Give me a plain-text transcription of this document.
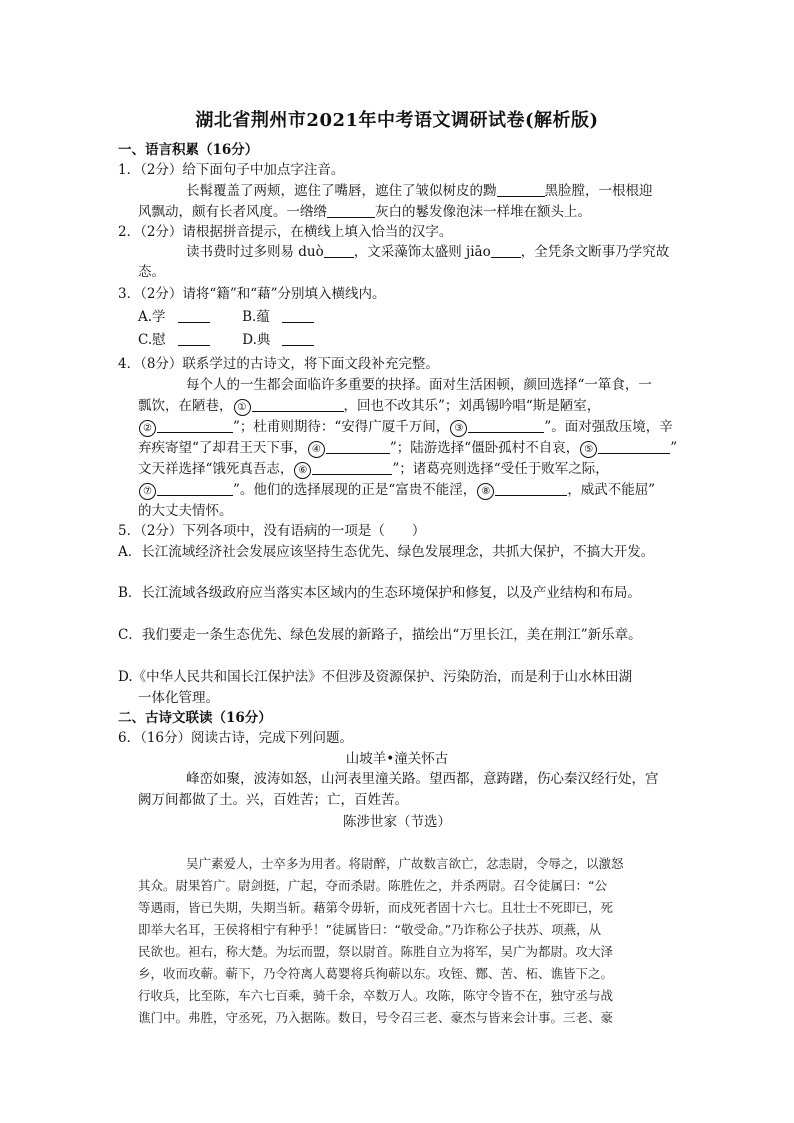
湖北省荆州市2021年中考语文调研试卷(解析版)
一、语言积累（16分）
1．（2分）给下面句子中加点字注音。
长髯覆盖了两颊，遮住了嘴唇，遮住了皱似树皮的黝	黑脸膛，一根根迎
风飘动，颇有长者风度。一绺绺	灰白的鬈发像泡沫一样堆在额头上。
2．（2分）请根据拼音提示，在横线上填入恰当的汉字。
读书费时过多则易 duò ，文采藻饰太盛则 jiāo ，全凭条文断事乃学究故
态。
3．（2分）请将“籍”和“藉”分别填入横线内。
A.学	B.蕴
C.慰	D.典
4．（8分）联系学过的古诗文，将下面文段补充完整。
每个人的一生都会面临许多重要的抉择。面对生活困顿，颜回选择“一箪食，一
瓢饮，在陋巷， ①	，回也不改其乐”；刘禹锡吟唱“斯是陋室，
②	”；杜甫则期待：“安得广厦千万间， ③	”。面对强敌压境，辛
弃疾寄望“了却君王天下事， ④	”；陆游选择“僵卧孤村不自哀， ⑤	”
文天祥选择“饿死真吾志， ⑥	”；诸葛亮则选择“受任于败军之际，
⑦	”。他们的选择展现的正是“富贵不能淫， ⑧	，威武不能屈”
的大丈夫情怀。
5．（2分）下列各项中，没有语病的一项是（　　）
A．长江流域经济社会发展应该坚持生态优先、绿色发展理念，共抓大保护，不搞大开发。
B．长江流域各级政府应当落实本区域内的生态环境保护和修复，以及产业结构和布局。
C．我们要走一条生态优先、绿色发展的新路子，描绘出“万里长江，美在荆江”新乐章。
D.《中华人民共和国长江保护法》不但涉及资源保护、污染防治，而是利于山水林田湖
一体化管理。
二、古诗文联读（16分）
6．（16分）阅读古诗，完成下列问题。
山坡羊•潼关怀古
峰峦如聚，波涛如怒，山河表里潼关路。望西都，意踌躇，伤心秦汉经行处，宫
阙万间都做了土。兴，百姓苦；亡，百姓苦。
陈涉世家（节选）
吴广素爱人，士卒多为用者。将尉醉，广故数言欲亡，忿恚尉，令辱之，以激怒
其众。尉果笞广。尉剑挺，广起，夺而杀尉。陈胜佐之，并杀两尉。召令徒属曰：“公
等遇雨，皆已失期，失期当斩。藉第令毋斩，而戍死者固十六七。且壮士不死即已，死
即举大名耳，王侯将相宁有种乎！”徒属皆曰：“敬受命。”乃诈称公子扶苏、项燕，从
民欲也。袒右，称大楚。为坛而盟，祭以尉首。陈胜自立为将军，吴广为都尉。攻大泽
乡，收而攻蕲。蕲下，乃令符离人葛婴将兵徇蕲以东。攻铚、酂、苦、柘、谯皆下之。
行收兵，比至陈，车六七百乘，骑千余，卒数万人。攻陈，陈守令皆不在，独守丞与战
谯门中。弗胜，守丞死，乃入据陈。数日，号令召三老、豪杰与皆来会计事。三老、豪
